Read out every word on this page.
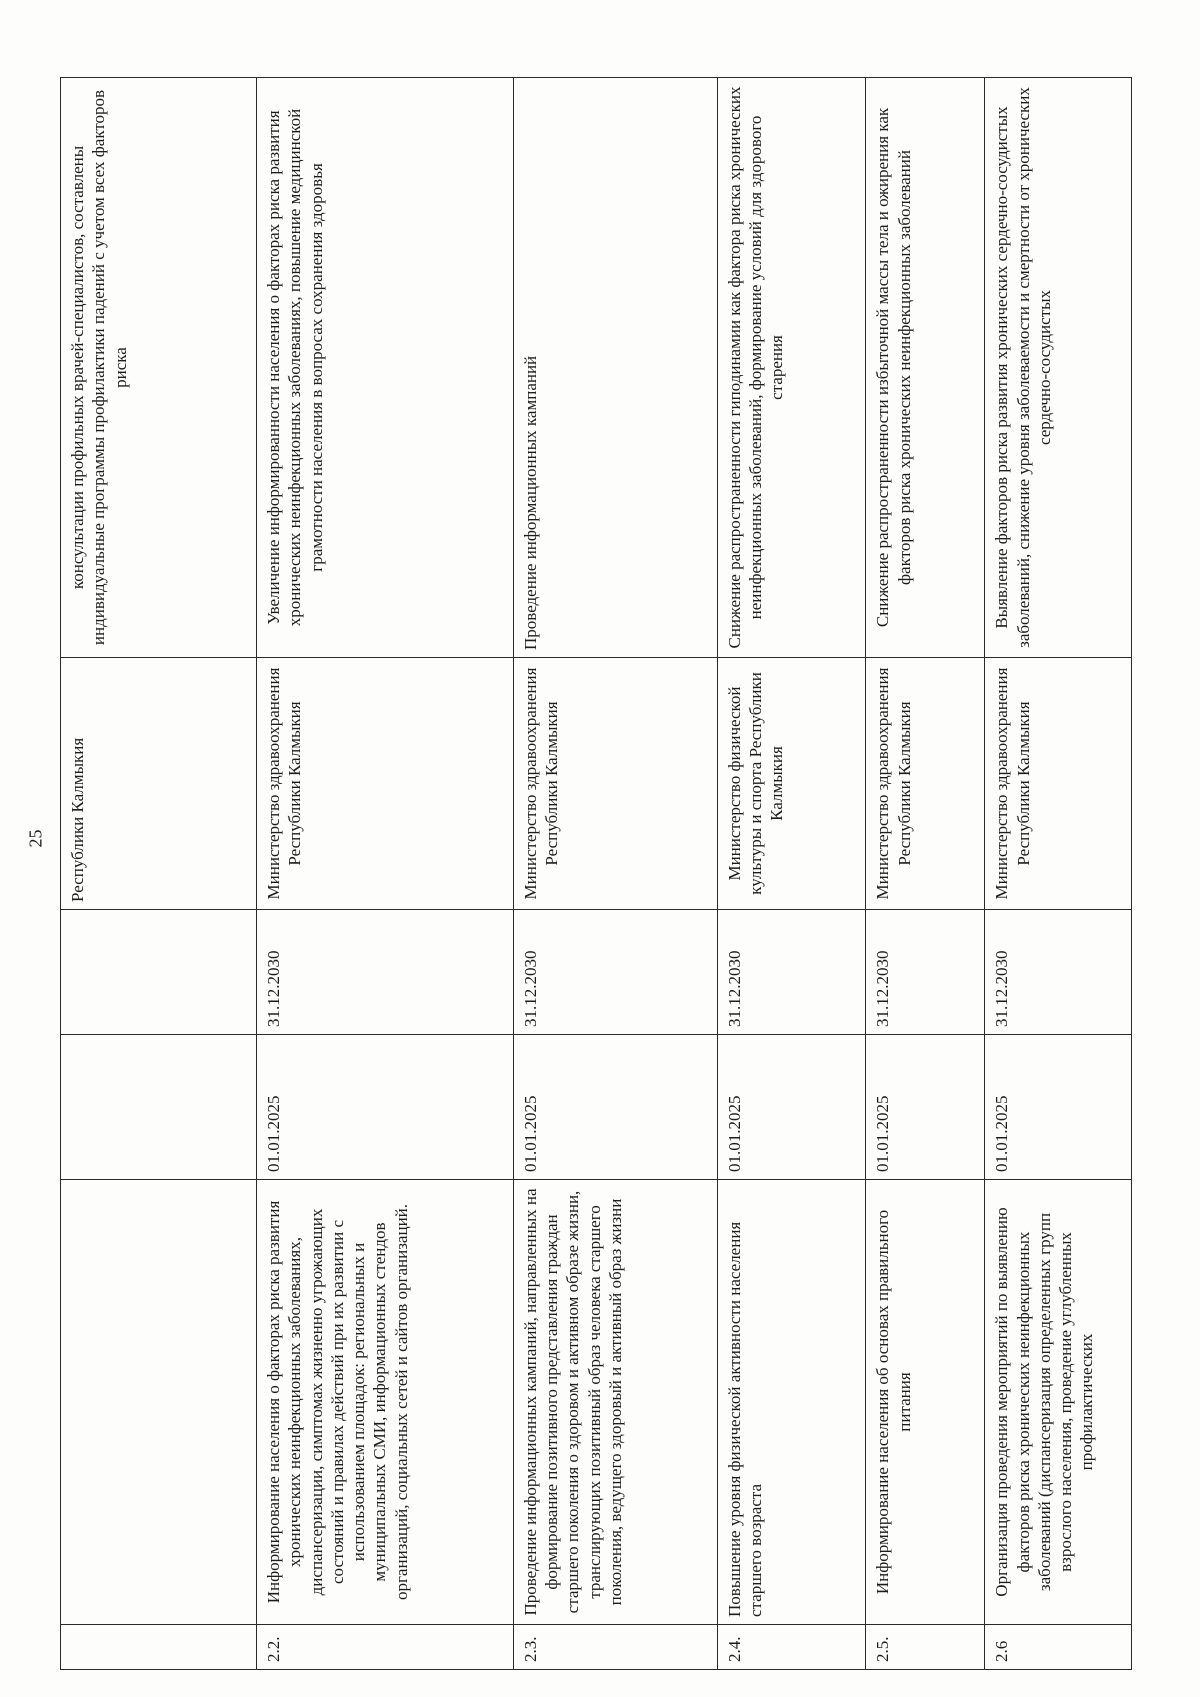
25
				Республики Калмыкия	консультации профильных врачей-специалистов, составлены индивидуальные программы профилактики падений с учетом всех факторов риска
2.2.	Информирование населения о факторах риска развития хронических неинфекционных заболеваниях, диспансеризации, симптомах жизненно угрожающих состояний и правилах действий при их развитии с использованием площадок: региональных и муниципальных СМИ, информационных стендов организаций, социальных сетей и сайтов организаций.	01.01.2025	31.12.2030	Министерство здравоохранения Республики Калмыкия	Увеличение информированности населения о факторах риска развития хронических неинфекционных заболеваниях, повышение медицинской грамотности населения в вопросах сохранения здоровья
2.3.	Проведение информационных кампаний, направленных на формирование позитивного представления граждан старшего поколения о здоровом и активном образе жизни, транслирующих позитивный образ человека старшего поколения, ведущего здоровый и активный образ жизни	01.01.2025	31.12.2030	Министерство здравоохранения Республики Калмыкия	Проведение информационных кампаний
2.4.	Повышение уровня физической активности населения старшего возраста	01.01.2025	31.12.2030	Министерство физической культуры и спорта Республики Калмыкия	Снижение распространенности гиподинамии как фактора риска хронических неинфекционных заболеваний, формирование условий для здорового старения
2.5.	Информирование населения об основах правильного питания	01.01.2025	31.12.2030	Министерство здравоохранения Республики Калмыкия	Снижение распространенности избыточной массы тела и ожирения как факторов риска хронических неинфекционных заболеваний
2.6	Организация проведения мероприятий по выявлению факторов риска хронических неинфекционных заболеваний (диспансеризация определенных групп взрослого населения, проведение углубленных профилактических	01.01.2025	31.12.2030	Министерство здравоохранения Республики Калмыкия	Выявление факторов риска развития хронических сердечно-сосудистых заболеваний, снижение уровня заболеваемости и смертности от хронических сердечно-сосудистых
